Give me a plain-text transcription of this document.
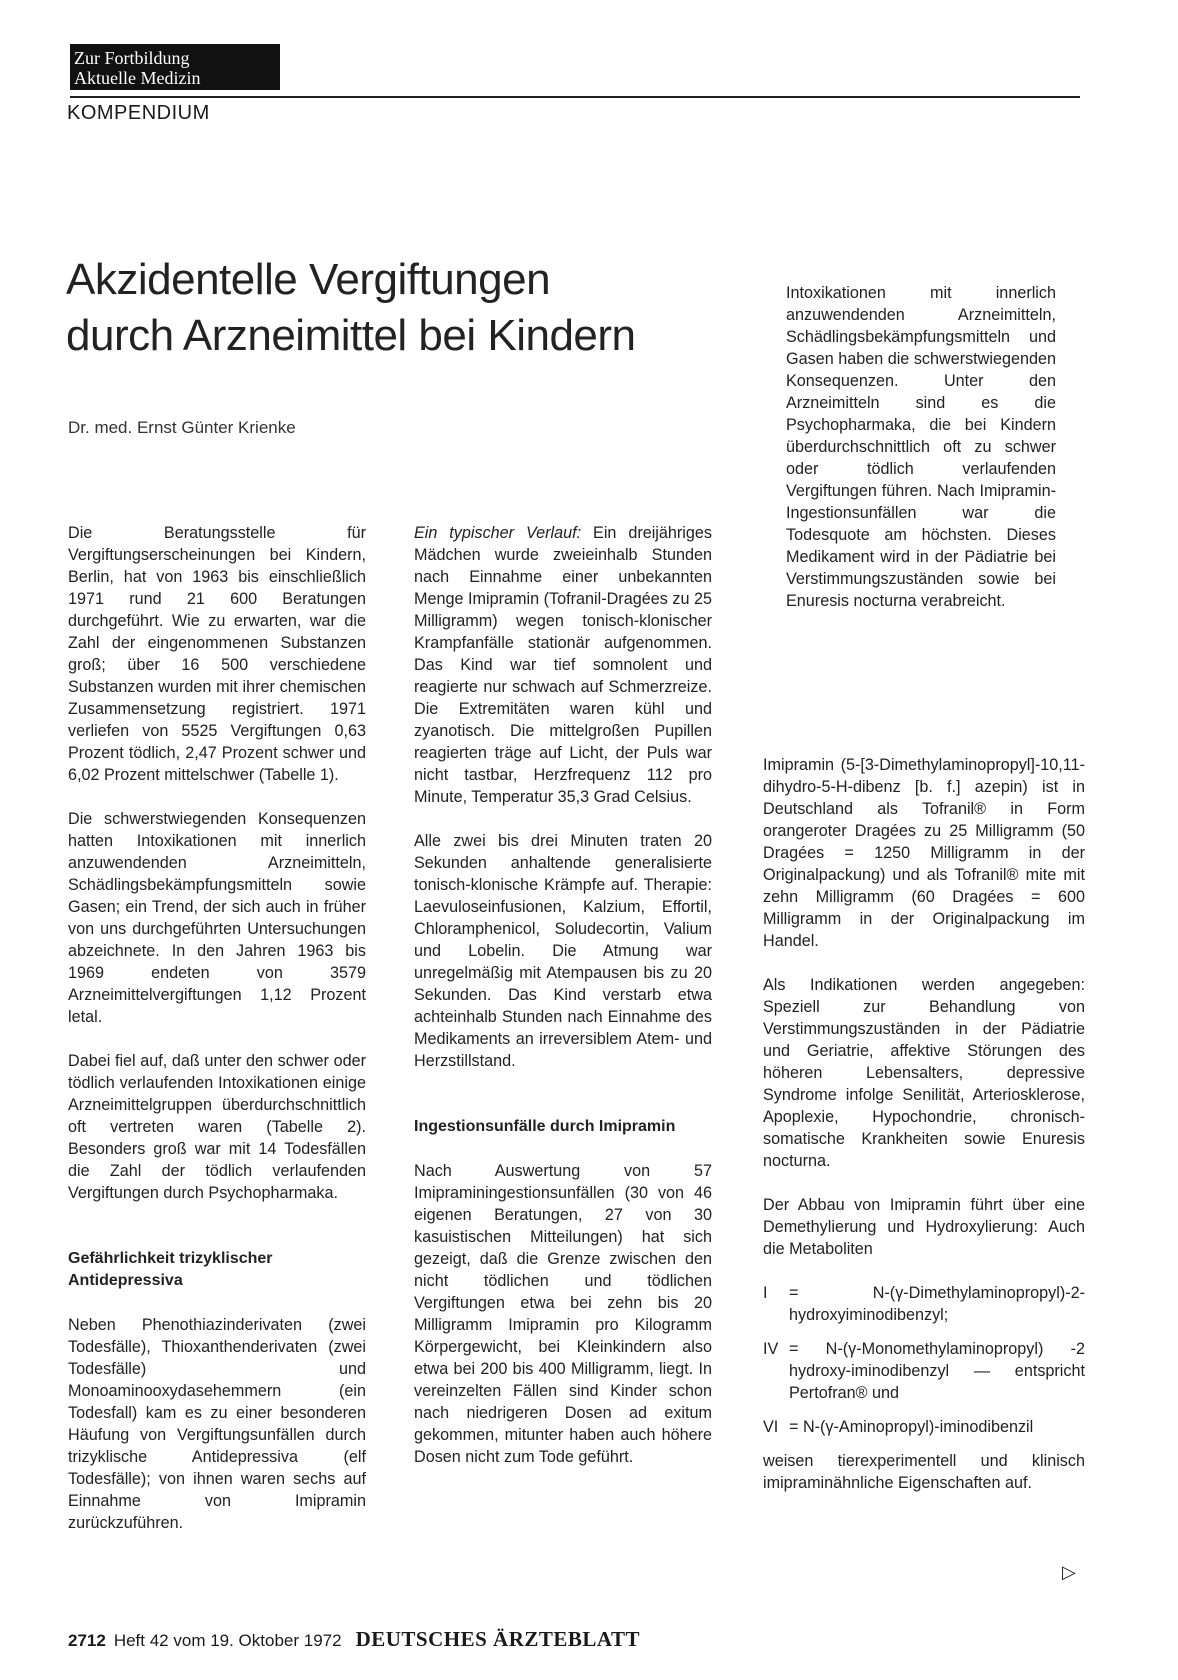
Zur Fortbildung
Aktuelle Medizin
KOMPENDIUM
Akzidentelle Vergiftungen
durch Arzneimittel bei Kindern
Dr. med. Ernst Günter Krienke

Die Beratungsstelle für Vergiftungserscheinungen bei Kindern, Berlin, hat von 1963 bis einschließlich 1971 rund 21 600 Beratungen durchgeführt. Wie zu erwarten, war die Zahl der eingenommenen Substanzen groß; über 16 500 verschiedene Substanzen wurden mit ihrer chemischen Zusammensetzung registriert. 1971 verliefen von 5525 Vergiftungen 0,63 Prozent tödlich, 2,47 Prozent schwer und 6,02 Prozent mittelschwer (Tabelle 1).

Die schwerstwiegenden Konsequenzen hatten Intoxikationen mit innerlich anzuwendenden Arzneimitteln, Schädlingsbekämpfungsmitteln sowie Gasen; ein Trend, der sich auch in früher von uns durchgeführten Untersuchungen abzeichnete. In den Jahren 1963 bis 1969 endeten von 3579 Arzneimittelvergiftungen 1,12 Prozent letal.

Dabei fiel auf, daß unter den schwer oder tödlich verlaufenden Intoxikationen einige Arzneimittelgruppen überdurchschnittlich oft vertreten waren (Tabelle 2). Besonders groß war mit 14 Todesfällen die Zahl der tödlich verlaufenden Vergiftungen durch Psychopharmaka.

Gefährlichkeit trizyklischer
Antidepressiva

Neben Phenothiazinderivaten (zwei Todesfälle), Thioxanthenderivaten (zwei Todesfälle) und Monoaminooxydasehemmern (ein Todesfall) kam es zu einer besonderen Häufung von Vergiftungsunfällen durch trizyklische Antidepressiva (elf Todesfälle); von ihnen waren sechs auf Einnahme von Imipramin zurückzuführen.

Ein typischer Verlauf: Ein dreijähriges Mädchen wurde zweieinhalb Stunden nach Einnahme einer unbekannten Menge Imipramin (Tofranil-Dragées zu 25 Milligramm) wegen tonisch-klonischer Krampfanfälle stationär aufgenommen. Das Kind war tief somnolent und reagierte nur schwach auf Schmerzreize. Die Extremitäten waren kühl und zyanotisch. Die mittelgroßen Pupillen reagierten träge auf Licht, der Puls war nicht tastbar, Herzfrequenz 112 pro Minute, Temperatur 35,3 Grad Celsius.

Alle zwei bis drei Minuten traten 20 Sekunden anhaltende generalisierte tonisch-klonische Krämpfe auf. Therapie: Laevuloseinfusionen, Kalzium, Effortil, Chloramphenicol, Soludecortin, Valium und Lobelin. Die Atmung war unregelmäßig mit Atempausen bis zu 20 Sekunden. Das Kind verstarb etwa achteinhalb Stunden nach Einnahme des Medikaments an irreversiblem Atem- und Herzstillstand.

Ingestionsunfälle durch Imipramin

Nach Auswertung von 57 Imipraminingestionsunfällen (30 von 46 eigenen Beratungen, 27 von 30 kasuistischen Mitteilungen) hat sich gezeigt, daß die Grenze zwischen den nicht tödlichen und tödlichen Vergiftungen etwa bei zehn bis 20 Milligramm Imipramin pro Kilogramm Körpergewicht, bei Kleinkindern also etwa bei 200 bis 400 Milligramm, liegt. In vereinzelten Fällen sind Kinder schon nach niedrigeren Dosen ad exitum gekommen, mitunter haben auch höhere Dosen nicht zum Tode geführt.

Intoxikationen mit innerlich anzuwendenden Arzneimitteln, Schädlingsbekämpfungsmitteln und Gasen haben die schwerstwiegenden Konsequenzen. Unter den Arzneimitteln sind es die Psychopharmaka, die bei Kindern überdurchschnittlich oft zu schwer oder tödlich verlaufenden Vergiftungen führen. Nach Imipramin-Ingestionsunfällen war die Todesquote am höchsten. Dieses Medikament wird in der Pädiatrie bei Verstimmungszuständen sowie bei Enuresis nocturna verabreicht.

Imipramin (5-[3-Dimethylaminopropyl]-10,11-dihydro-5-H-dibenz [b. f.] azepin) ist in Deutschland als Tofranil® in Form orangeroter Dragées zu 25 Milligramm (50 Dragées = 1250 Milligramm in der Originalpackung) und als Tofranil® mite mit zehn Milligramm (60 Dragées = 600 Milligramm in der Originalpackung im Handel.

Als Indikationen werden angegeben: Speziell zur Behandlung von Verstimmungszuständen in der Pädiatrie und Geriatrie, affektive Störungen des höheren Lebensalters, depressive Syndrome infolge Senilität, Arteriosklerose, Apoplexie, Hypochondrie, chronisch-somatische Krankheiten sowie Enuresis nocturna.

Der Abbau von Imipramin führt über eine Demethylierung und Hydroxylierung: Auch die Metaboliten

I	= N-(γ-Dimethylaminopropyl)-2-hydroxyiminodibenzyl;

IV = N-(γ-Monomethylaminopropyl) -2 hydroxy-iminodibenzyl — entspricht Pertofran® und

VI = N-(γ-Aminopropyl)-iminodibenzil

weisen tierexperimentell und klinisch imipraminähnliche Eigenschaften auf.

▷
2712 Heft 42 vom 19. Oktober 1972 DEUTSCHES ÄRZTEBLATT
